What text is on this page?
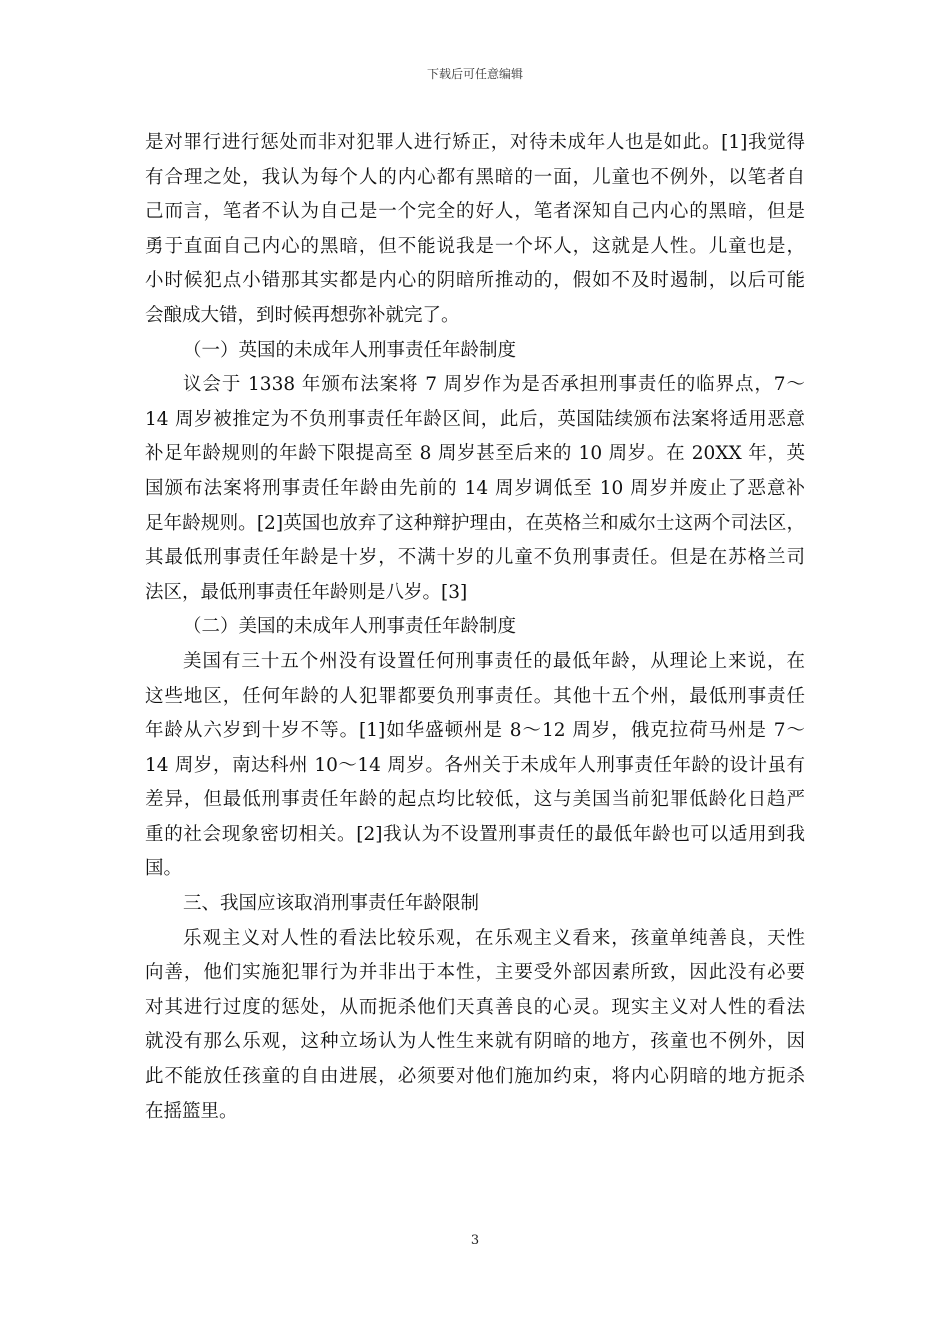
下载后可任意编辑
是对罪行进行惩处而非对犯罪人进行矫正，对待未成年人也是如此。[1]我觉得
有合理之处，我认为每个人的内心都有黑暗的一面，儿童也不例外，以笔者自
己而言，笔者不认为自己是一个完全的好人，笔者深知自己内心的黑暗，但是
勇于直面自己内心的黑暗，但不能说我是一个坏人，这就是人性。儿童也是，
小时候犯点小错那其实都是内心的阴暗所推动的，假如不及时遏制，以后可能
会酿成大错，到时候再想弥补就完了。
（一）英国的未成年人刑事责任年龄制度
议会于 1338 年颁布法案将 7 周岁作为是否承担刑事责任的临界点，7～
14 周岁被推定为不负刑事责任年龄区间，此后，英国陆续颁布法案将适用恶意
补足年龄规则的年龄下限提高至 8 周岁甚至后来的 10 周岁。在 20XX 年，英
国颁布法案将刑事责任年龄由先前的 14 周岁调低至 10 周岁并废止了恶意补
足年龄规则。[2]英国也放弃了这种辩护理由，在英格兰和威尔士这两个司法区，
其最低刑事责任年龄是十岁，不满十岁的儿童不负刑事责任。但是在苏格兰司
法区，最低刑事责任年龄则是八岁。[3]
（二）美国的未成年人刑事责任年龄制度
美国有三十五个州没有设置任何刑事责任的最低年龄，从理论上来说，在
这些地区，任何年龄的人犯罪都要负刑事责任。其他十五个州，最低刑事责任
年龄从六岁到十岁不等。[1]如华盛顿州是 8～12 周岁，俄克拉荷马州是 7～
14 周岁，南达科州 10～14 周岁。各州关于未成年人刑事责任年龄的设计虽有
差异，但最低刑事责任年龄的起点均比较低，这与美国当前犯罪低龄化日趋严
重的社会现象密切相关。[2]我认为不设置刑事责任的最低年龄也可以适用到我
国。
三、我国应该取消刑事责任年龄限制
乐观主义对人性的看法比较乐观，在乐观主义看来，孩童单纯善良，天性
向善，他们实施犯罪行为并非出于本性，主要受外部因素所致，因此没有必要
对其进行过度的惩处，从而扼杀他们天真善良的心灵。现实主义对人性的看法
就没有那么乐观，这种立场认为人性生来就有阴暗的地方，孩童也不例外，因
此不能放任孩童的自由进展，必须要对他们施加约束，将内心阴暗的地方扼杀
在摇篮里。
3
